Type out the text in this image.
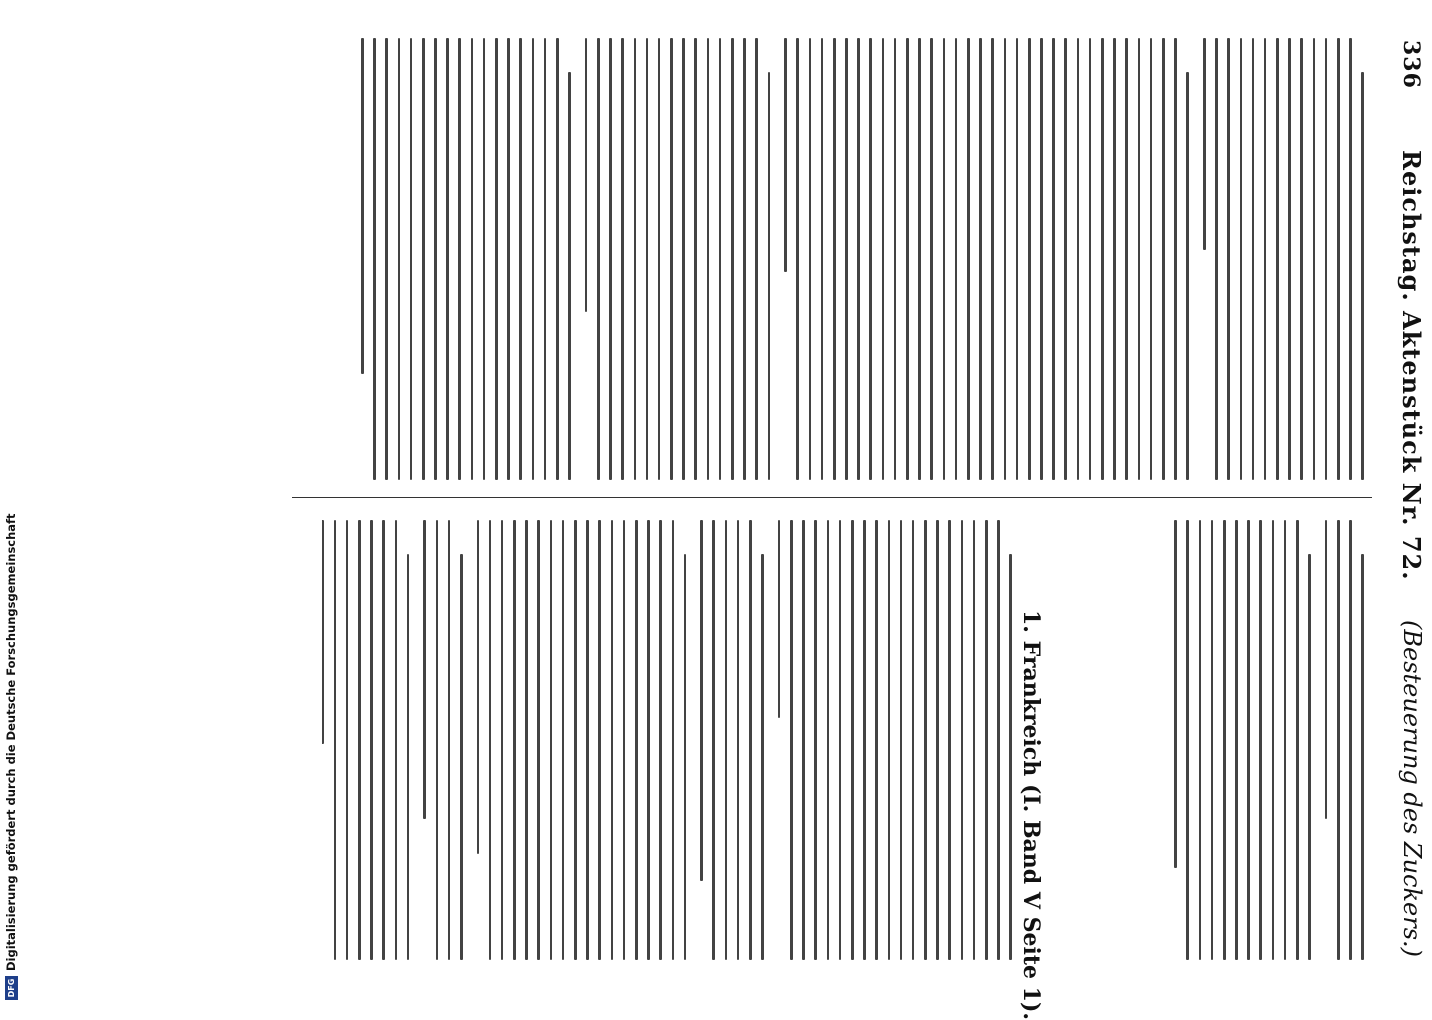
336
Reichstag. Aktenstück Nr. 72.
(Besteuerung des Zuckers.)
1. Frankreich (I. Band V Seite 1).
DFG
Digitalisierung gefördert durch die Deutsche Forschungsgemeinschaft
